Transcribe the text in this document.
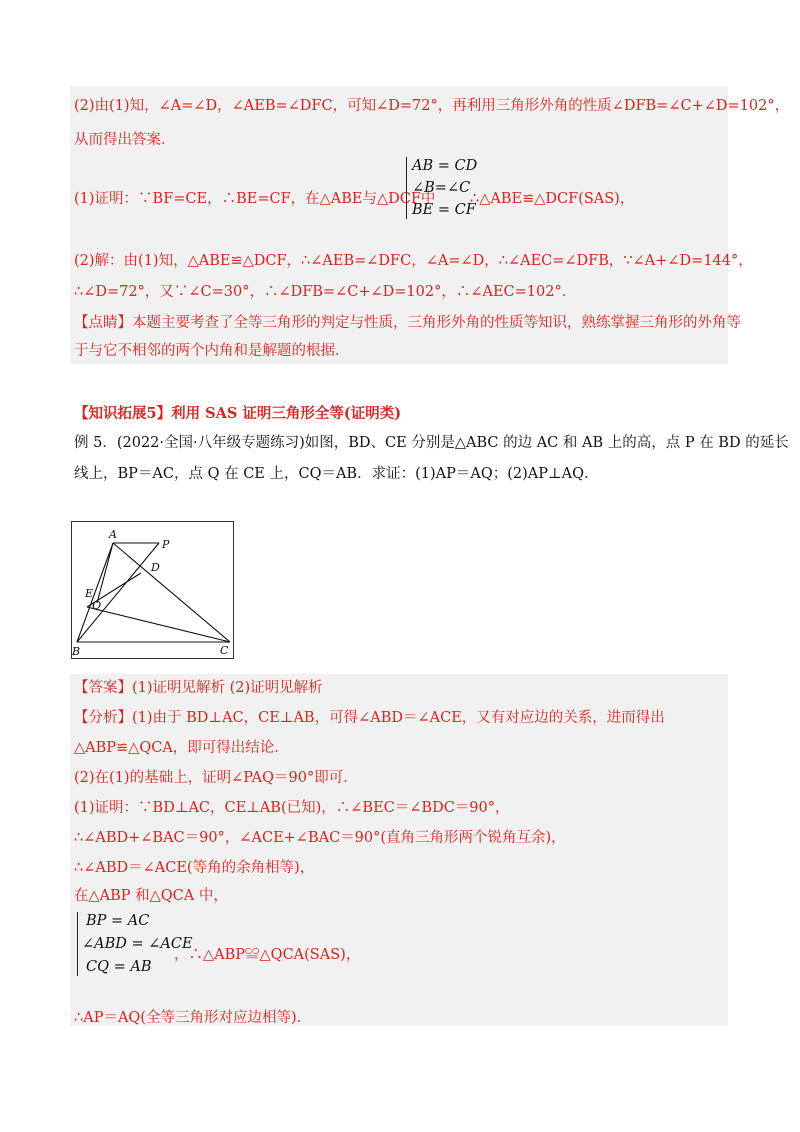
(2)由(1)知，∠A=∠D，∠AEB=∠DFC，可知∠D=72°，再利用三角形外角的性质∠DFB=∠C+∠D=102°，
从而得出答案．
(1)证明：∵BF=CE，∴BE=CF，在△ABE与△DCF中
AB = CD
∠B=∠C
BE = CF
∴△ABE≌△DCF(SAS)，
(2)解：由(1)知，△ABE≌△DCF，∴∠AEB=∠DFC，∠A=∠D，∴∠AEC=∠DFB，∵∠A+∠D=144°，
∴∠D=72°，又∵∠C=30°，∴∠DFB=∠C+∠D=102°，∴∠AEC=102°．
【点睛】本题主要考查了全等三角形的判定与性质，三角形外角的性质等知识，熟练掌握三角形的外角等
于与它不相邻的两个内角和是解题的根据．
【知识拓展5】利用 SAS 证明三角形全等(证明类)
例 5．(2022·全国·八年级专题练习)如图，BD、CE 分别是△ABC 的边 AC 和 AB 上的高，点 P 在 BD 的延长
线上，BP＝AC，点 Q 在 CE 上，CQ＝AB．求证：(1)AP＝AQ；(2)AP⊥AQ．
A
P
D
E
Q
B	C
【答案】(1)证明见解析 (2)证明见解析
【分析】(1)由于 BD⊥AC，CE⊥AB，可得∠ABD＝∠ACE，又有对应边的关系，进而得出
△ABP≌△QCA，即可得出结论．
(2)在(1)的基础上，证明∠PAQ＝90°即可．
(1)证明：∵BD⊥AC，CE⊥AB(已知)，∴∠BEC＝∠BDC＝90°，
∴∠ABD+∠BAC＝90°，∠ACE+∠BAC＝90°(直角三角形两个锐角互余)，
∴∠ABD＝∠ACE(等角的余角相等)，
在△ABP 和△QCA 中，
BP = AC
∠ABD = ∠ACE
CQ = AB
，∴△ABP≌△QCA(SAS)，
∴AP＝AQ(全等三角形对应边相等)．
